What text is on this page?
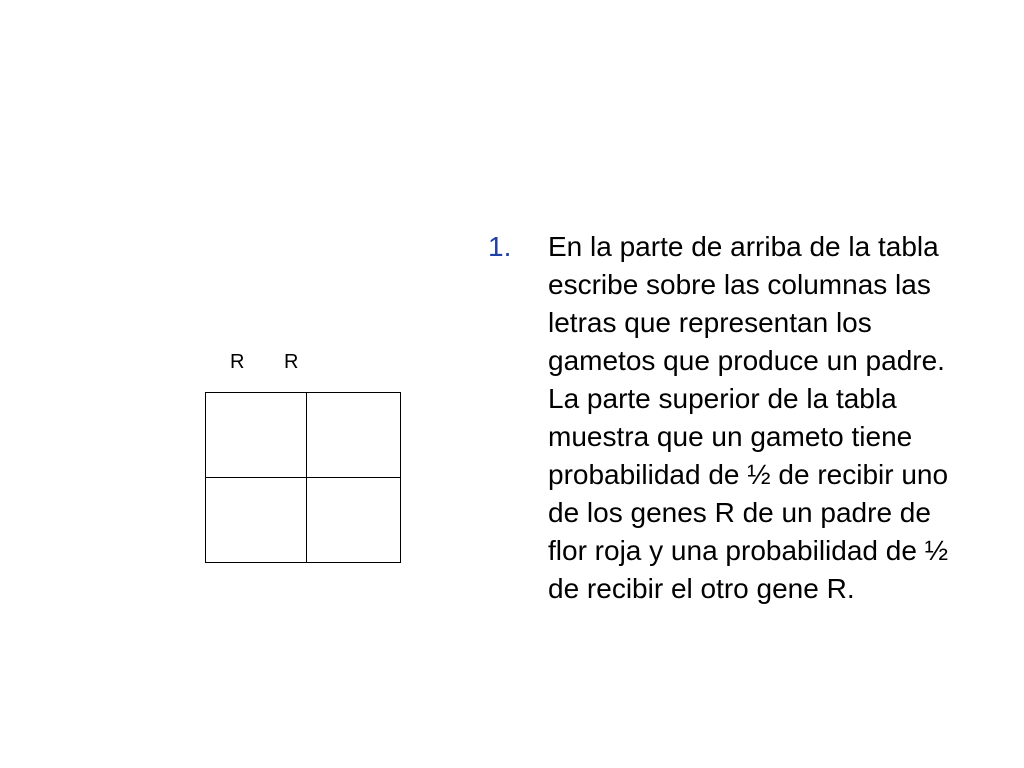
R R
1.	En la parte de arriba de la tabla escribe sobre las columnas las letras que representan los gametos que produce un padre. La parte superior de la tabla muestra que un gameto tiene probabilidad de ½ de recibir uno de los genes R de un padre de flor roja y una probabilidad de ½ de recibir el otro gene R.
